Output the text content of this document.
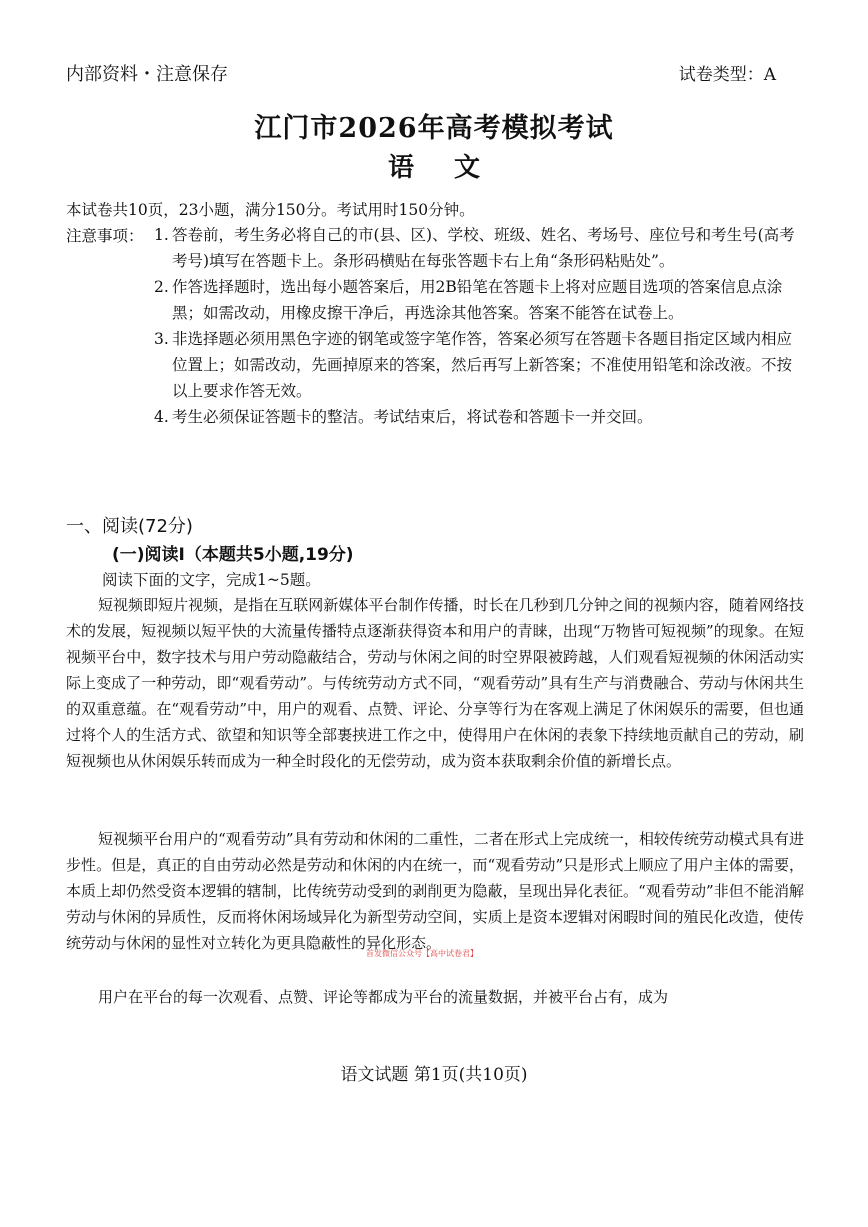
内部资料・注意保存	试卷类型：A
江门市2026年高考模拟考试
语文
本试卷共10页，23小题，满分150分。考试用时150分钟。
注意事项： 1. 答卷前，考生务必将自己的市(县、区)、学校、班级、姓名、考场号、座位号和考生号(高考考号)填写在答题卡上。条形码横贴在每张答题卡右上角“条形码粘贴处”。
2. 作答选择题时，选出每小题答案后，用2B铅笔在答题卡上将对应题目选项的答案信息点涂黑；如需改动，用橡皮擦干净后，再选涂其他答案。答案不能答在试卷上。
3. 非选择题必须用黑色字迹的钢笔或签字笔作答，答案必须写在答题卡各题目指定区域内相应位置上；如需改动，先画掉原来的答案，然后再写上新答案；不准使用铅笔和涂改液。不按以上要求作答无效。
4. 考生必须保证答题卡的整洁。考试结束后，将试卷和答题卡一并交回。
一、阅读(72分)
(一)阅读Ⅰ（本题共5小题,19分)
阅读下面的文字，完成1~5题。

短视频即短片视频，是指在互联网新媒体平台制作传播，时长在几秒到几分钟之间的视频内容，随着网络技术的发展，短视频以短平快的大流量传播特点逐渐获得资本和用户的青睐，出现“万物皆可短视频”的现象。在短视频平台中，数字技术与用户劳动隐蔽结合，劳动与休闲之间的时空界限被跨越，人们观看短视频的休闲活动实际上变成了一种劳动，即“观看劳动”。与传统劳动方式不同，“观看劳动”具有生产与消费融合、劳动与休闲共生的双重意蕴。在“观看劳动”中，用户的观看、点赞、评论、分享等行为在客观上满足了休闲娱乐的需要，但也通过将个人的生活方式、欲望和知识等全部裹挟进工作之中，使得用户在休闲的表象下持续地贡献自己的劳动，刷短视频也从休闲娱乐转而成为一种全时段化的无偿劳动，成为资本获取剩余价值的新增长点。

短视频平台用户的“观看劳动”具有劳动和休闲的二重性，二者在形式上完成统一，相较传统劳动模式具有进步性。但是，真正的自由劳动必然是劳动和休闲的内在统一，而“观看劳动”只是形式上顺应了用户主体的需要，本质上却仍然受资本逻辑的辖制，比传统劳动受到的剥削更为隐蔽，呈现出异化表征。“观看劳动”非但不能消解劳动与休闲的异质性，反而将休闲场域异化为新型劳动空间，实质上是资本逻辑对闲暇时间的殖民化改造，使传统劳动与休闲的显性对立转化为更具隐蔽性的异化形态。

首发微信公众号【高中试卷君】

用户在平台的每一次观看、点赞、评论等都成为平台的流量数据，并被平台占有，成为

语文试题 第1页(共10页)
